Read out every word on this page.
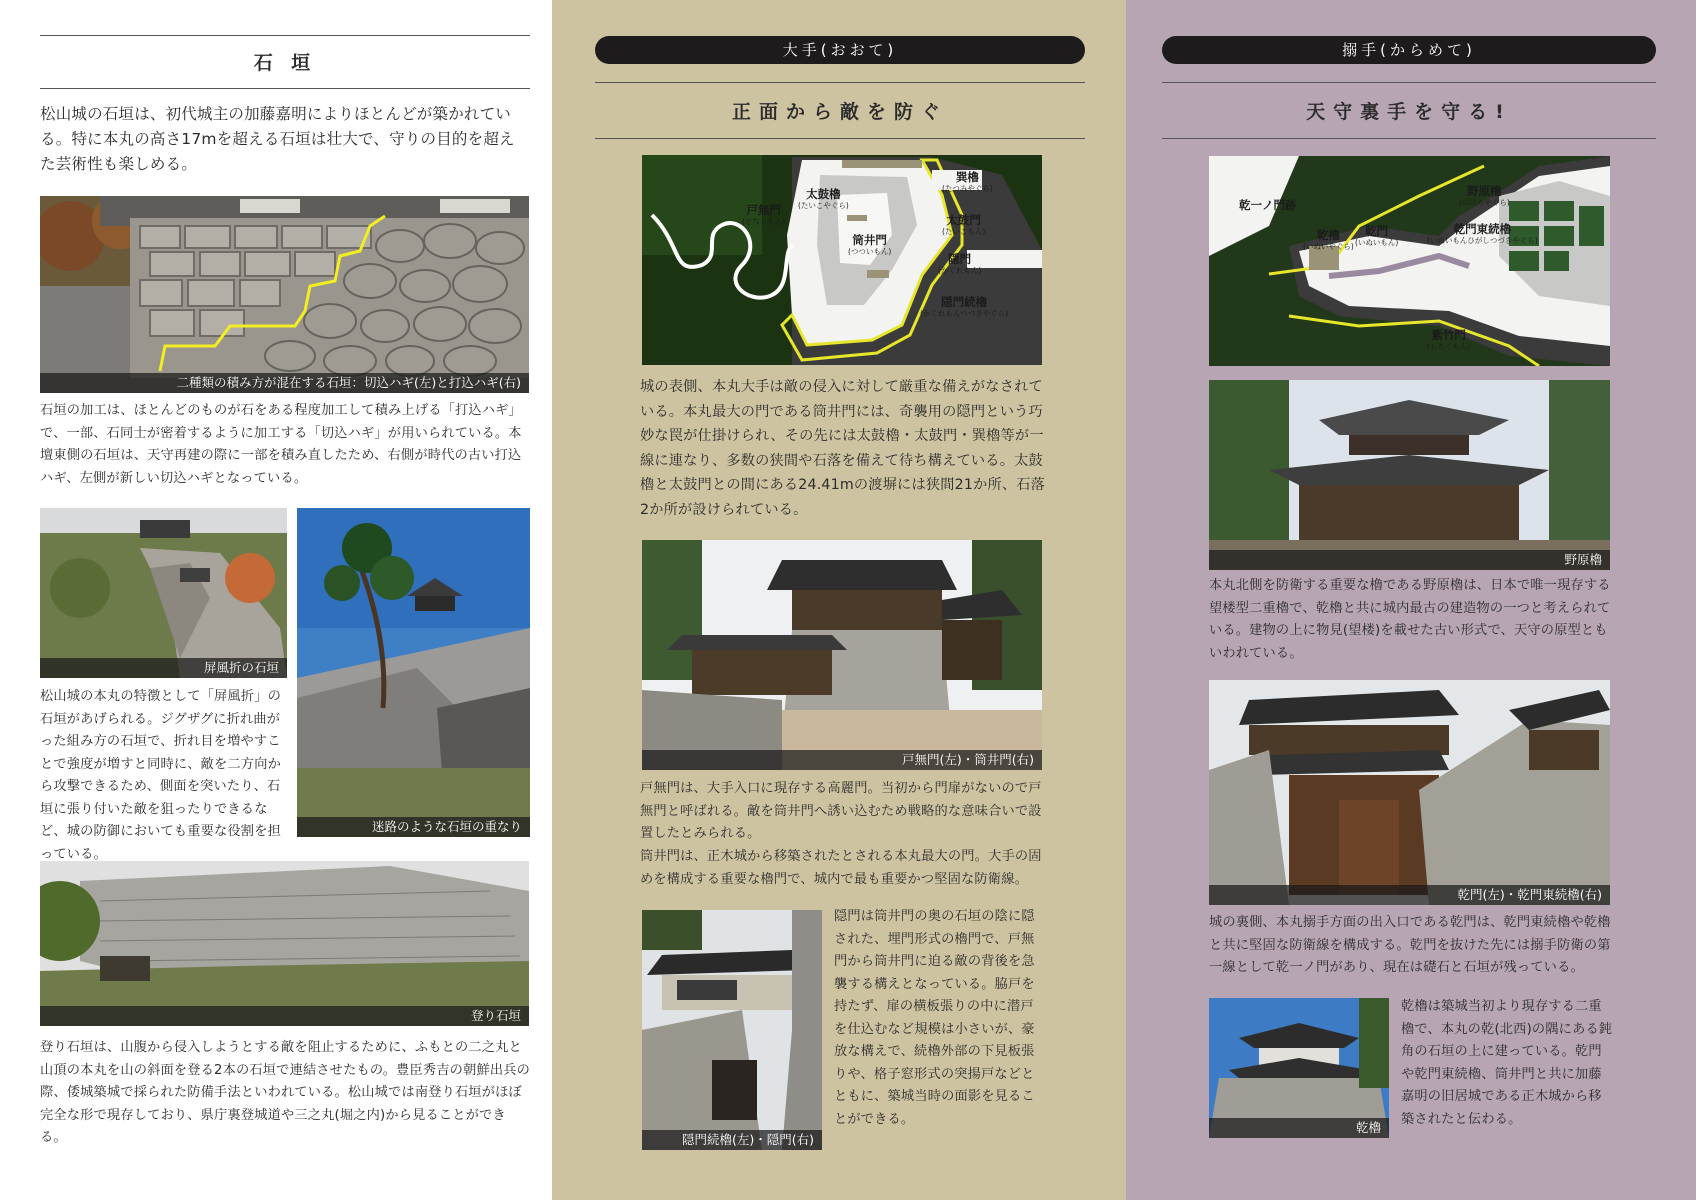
石 垣

松山城の石垣は、初代城主の加藤嘉明によりほとんどが築かれている。特に本丸の高さ17mを超える石垣は壮大で、守りの目的を超えた芸術性も楽しめる。

二種類の積み方が混在する石垣：切込ハギ(左)と打込ハギ(右)

石垣の加工は、ほとんどのものが石をある程度加工して積み上げる「打込ハギ」で、一部、石同士が密着するように加工する「切込ハギ」が用いられている。本壇東側の石垣は、天守再建の際に一部を積み直したため、右側が時代の古い打込ハギ、左側が新しい切込ハギとなっている。

屏風折の石垣
迷路のような石垣の重なり

松山城の本丸の特徴として「屏風折」の石垣があげられる。ジグザグに折れ曲がった組み方の石垣で、折れ目を増やすことで強度が増すと同時に、敵を二方向から攻撃できるため、側面を突いたり、石垣に張り付いた敵を狙ったりできるなど、城の防御においても重要な役割を担っている。

登り石垣

登り石垣は、山腹から侵入しようとする敵を阻止するために、ふもとの二之丸と山頂の本丸を山の斜面を登る2本の石垣で連結させたもの。豊臣秀吉の朝鮮出兵の際、倭城築城で採られた防備手法といわれている。松山城では南登り石垣がほぼ完全な形で現存しており、県庁裏登城道や三之丸(堀之内)から見ることができる。

大手(おおて)
正面から敵を防ぐ
戸無門
(となしもん)
太鼓櫓
(たいこやぐら)
巽櫓
(たつみやぐら)
太鼓門
(たいこもん)
筒井門
(つついもん)
隠門
(かくれもん)
隠門続櫓
(かくれもんつづきやぐら)

城の表側、本丸大手は敵の侵入に対して厳重な備えがなされている。本丸最大の門である筒井門には、奇襲用の隠門という巧妙な罠が仕掛けられ、その先には太鼓櫓・太鼓門・巽櫓等が一線に連なり、多数の狭間や石落を備えて待ち構えている。太鼓櫓と太鼓門との間にある24.41mの渡塀には狭間21か所、石落2か所が設けられている。

戸無門(左)・筒井門(右)

戸無門は、大手入口に現存する高麗門。当初から門扉がないので戸無門と呼ばれる。敵を筒井門へ誘い込むため戦略的な意味合いで設置したとみられる。

筒井門は、正木城から移築されたとされる本丸最大の門。大手の固めを構成する重要な櫓門で、城内で最も重要かつ堅固な防衛線。

隠門続櫓(左)・隠門(右)

隠門は筒井門の奥の石垣の陰に隠された、埋門形式の櫓門で、戸無門から筒井門に迫る敵の背後を急襲する構えとなっている。脇戸を持たず、扉の横板張りの中に潜戸を仕込むなど規模は小さいが、豪放な構えで、続櫓外部の下見板張りや、格子窓形式の突揚戸などとともに、築城当時の面影を見ることができる。

搦手(からめて)
天守裏手を守る!
乾一ノ門跡
野原櫓
(のはらやぐら)
乾櫓
(いぬいやぐら)
乾門
(いぬいもん)
乾門東続櫓
(いぬいもんひがしつづきやぐら)
紫竹門
(しちくもん)
野原櫓

本丸北側を防衛する重要な櫓である野原櫓は、日本で唯一現存する望楼型二重櫓で、乾櫓と共に城内最古の建造物の一つと考えられている。建物の上に物見(望楼)を載せた古い形式で、天守の原型ともいわれている。

乾門(左)・乾門東続櫓(右)

城の裏側、本丸搦手方面の出入口である乾門は、乾門東続櫓や乾櫓と共に堅固な防衛線を構成する。乾門を抜けた先には搦手防衛の第一線として乾一ノ門があり、現在は礎石と石垣が残っている。

乾櫓

乾櫓は築城当初より現存する二重櫓で、本丸の乾(北西)の隅にある鈍角の石垣の上に建っている。乾門や乾門東続櫓、筒井門と共に加藤嘉明の旧居城である正木城から移築されたと伝わる。
